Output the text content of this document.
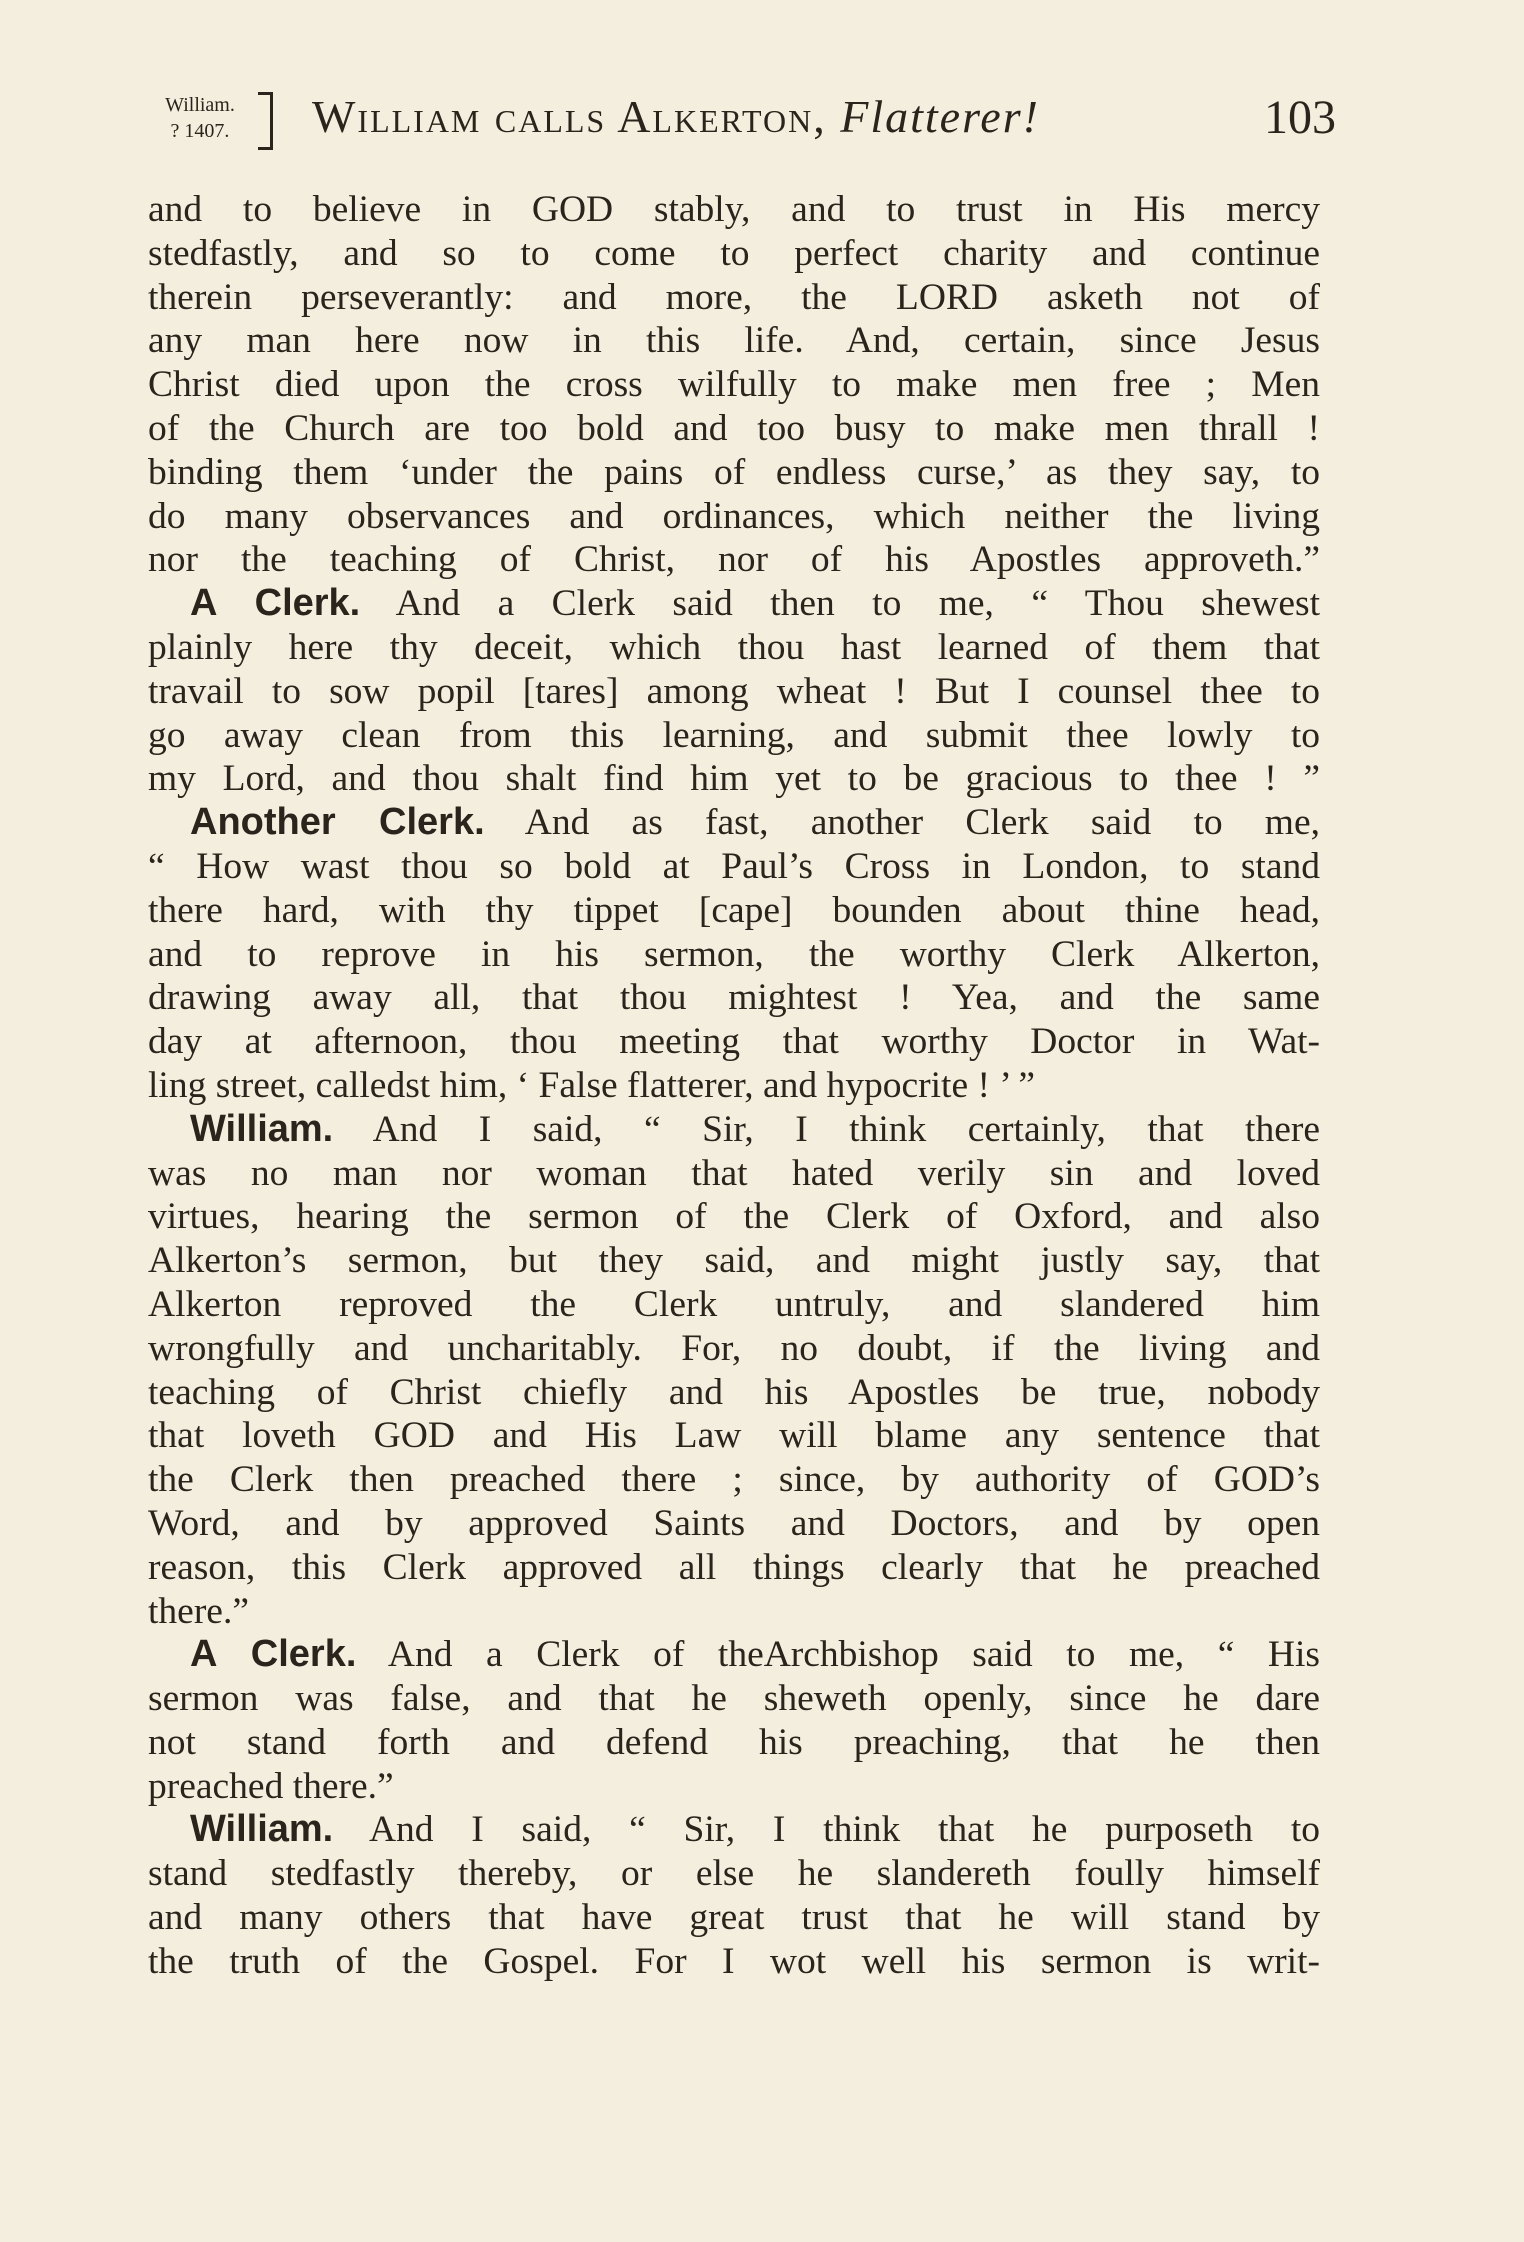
William.
? 1407.	William calls Alkerton, Flatterer!	103
and to believe in GOD stably, and to trust in His mercy
stedfastly, and so to come to perfect charity and continue
therein perseverantly: and more, the LORD asketh not of
any man here now in this life. And, certain, since Jesus
Christ died upon the cross wilfully to make men free ; Men
of the Church are too bold and too busy to make men thrall !
binding them ‘under the pains of endless curse,’ as they say, to
do many observances and ordinances, which neither the living
nor the teaching of Christ, nor of his Apostles approveth.”
A Clerk. And a Clerk said then to me, “ Thou shewest
plainly here thy deceit, which thou hast learned of them that
travail to sow popil [tares] among wheat ! But I counsel thee to
go away clean from this learning, and submit thee lowly to
my Lord, and thou shalt find him yet to be gracious to thee ! ”
Another Clerk. And as fast, another Clerk said to me,
“ How wast thou so bold at Paul’s Cross in London, to stand
there hard, with thy tippet [cape] bounden about thine head,
and to reprove in his sermon, the worthy Clerk Alkerton,
drawing away all, that thou mightest ! Yea, and the same
day at afternoon, thou meeting that worthy Doctor in Wat-
ling street, calledst him, ‘ False flatterer, and hypocrite ! ’ ”
William. And I said, “ Sir, I think certainly, that there
was no man nor woman that hated verily sin and loved
virtues, hearing the sermon of the Clerk of Oxford, and also
Alkerton’s sermon, but they said, and might justly say, that
Alkerton reproved the Clerk untruly, and slandered him
wrongfully and uncharitably. For, no doubt, if the living and
teaching of Christ chiefly and his Apostles be true, nobody
that loveth GOD and His Law will blame any sentence that
the Clerk then preached there ; since, by authority of GOD’s
Word, and by approved Saints and Doctors, and by open
reason, this Clerk approved all things clearly that he preached
there.”
A Clerk. And a Clerk of theArchbishop said to me, “ His
sermon was false, and that he sheweth openly, since he dare
not stand forth and defend his preaching, that he then
preached there.”
William. And I said, “ Sir, I think that he purposeth to
stand stedfastly thereby, or else he slandereth foully himself
and many others that have great trust that he will stand by
the truth of the Gospel. For I wot well his sermon is writ-
